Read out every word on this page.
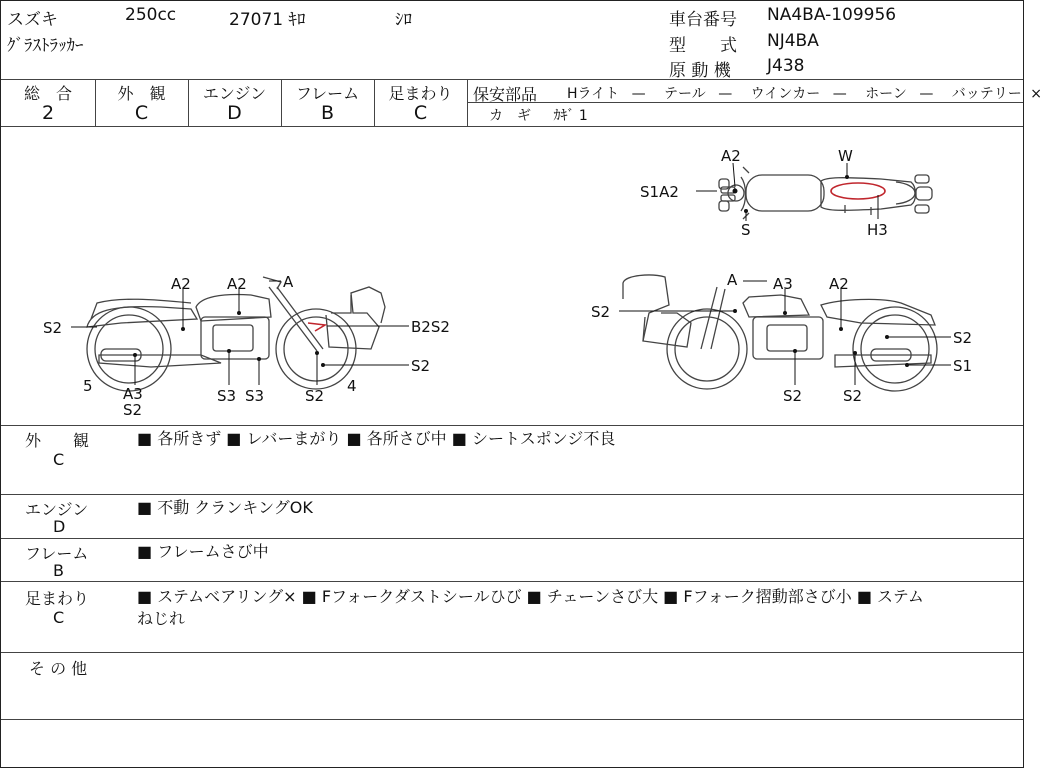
スズキ	250cc	27071 ｷﾛ	ｼﾛ
ｸﾞﾗｽﾄﾗｯｶｰ
車台番号 NA4BA-109956
型　　式 NJ4BA
原 動 機 J438
総　合
2
外　観
C
エンジン
D
フレーム
B
足まわり
C
保安部品 Hライト — テール — ウインカー — ホーン — バッテリー ×
カ　ギ ｶｷﾞ 1
A2	W
S1A2
S	H3
A2 A2 A
S2	B2S2
S2
5 A3
S2
S3 S3	S2
4
A A3 A2
S2
S2
S1
S2	S2
外　　観
C
■ 各所きず ■ レバーまがり ■ 各所さび中 ■ シートスポンジ不良
エンジン
D
■ 不動 クランキングOK
フレーム
B
■ フレームさび中
足まわり
C
■ ステムベアリング× ■ Fフォークダストシールひび ■ チェーンさび大 ■ Fフォーク摺動部さび小 ■ ステム
ねじれ
そ の 他
